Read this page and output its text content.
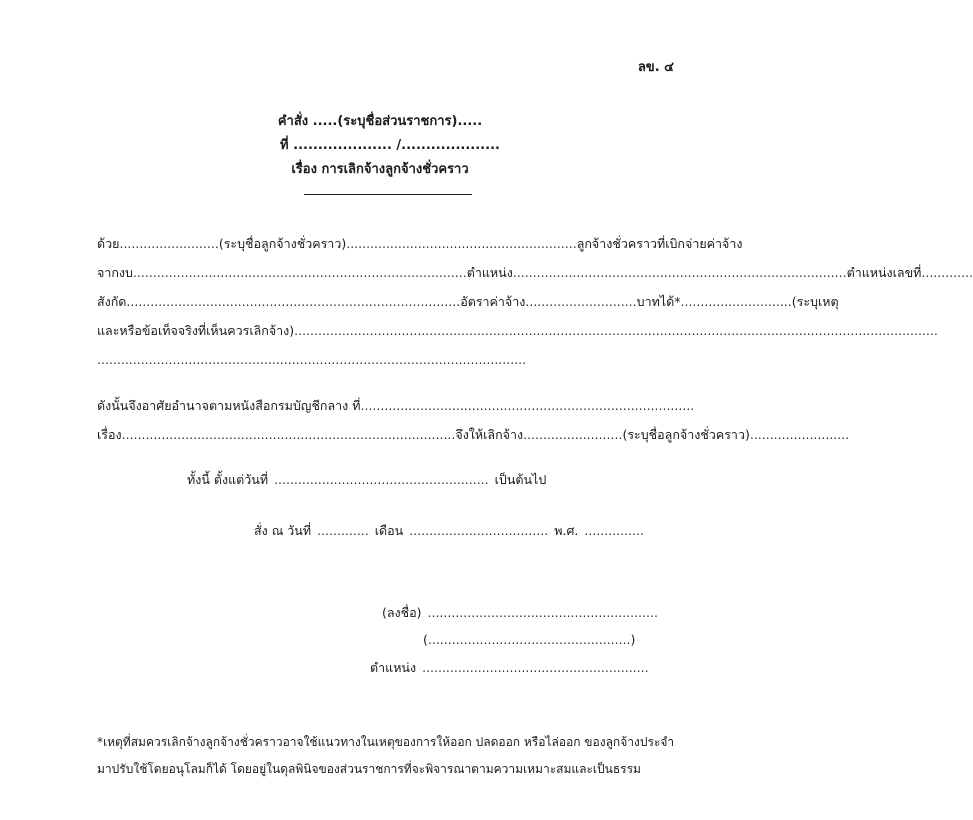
ลข. ๔
คำสั่ง .....(ระบุชื่อส่วนราชการ).....
ที่ .................... /....................
เรื่อง การเลิกจ้างลูกจ้างชั่วคราว
ด้วย ......................... (ระบุชื่อลูกจ้างชั่วคราว) .......................................................... ลูกจ้างชั่วคราวที่เบิกจ่ายค่าจ้าง
จากงบ .................................................................................... ตำแหน่ง .................................................................................... ตำแหน่งเลขที่ .............
สังกัด .................................................................................... อัตราค่าจ้าง ............................ บาท ได้* ............................ (ระบุเหตุ
และหรือข้อเท็จจริงที่เห็นควรเลิกจ้าง) ..................................................................................................................................................................
............................................................................................................
ดังนั้น จึงอาศัยอำนาจตามหนังสือกรมบัญชีกลาง ที่ ....................................................................................
เรื่อง .................................................................................... จึงให้เลิกจ้าง ......................... (ระบุชื่อลูกจ้างชั่วคราว) .........................
ทั้งนี้ ตั้งแต่วันที่ ...................................................... เป็นต้นไป
สั่ง ณ วันที่ ............. เดือน ................................... พ.ศ. ...............
(ลงชื่อ) ..........................................................
( ................................................... )
ตำแหน่ง .........................................................
*เหตุที่สมควรเลิกจ้างลูกจ้างชั่วคราวอาจใช้แนวทางในเหตุของการให้ออก ปลดออก หรือไล่ออก ของลูกจ้างประจำ
มาปรับใช้โดยอนุโลมก็ได้ โดยอยู่ในดุลพินิจของส่วนราชการที่จะพิจารณาตามความเหมาะสมและเป็นธรรม
